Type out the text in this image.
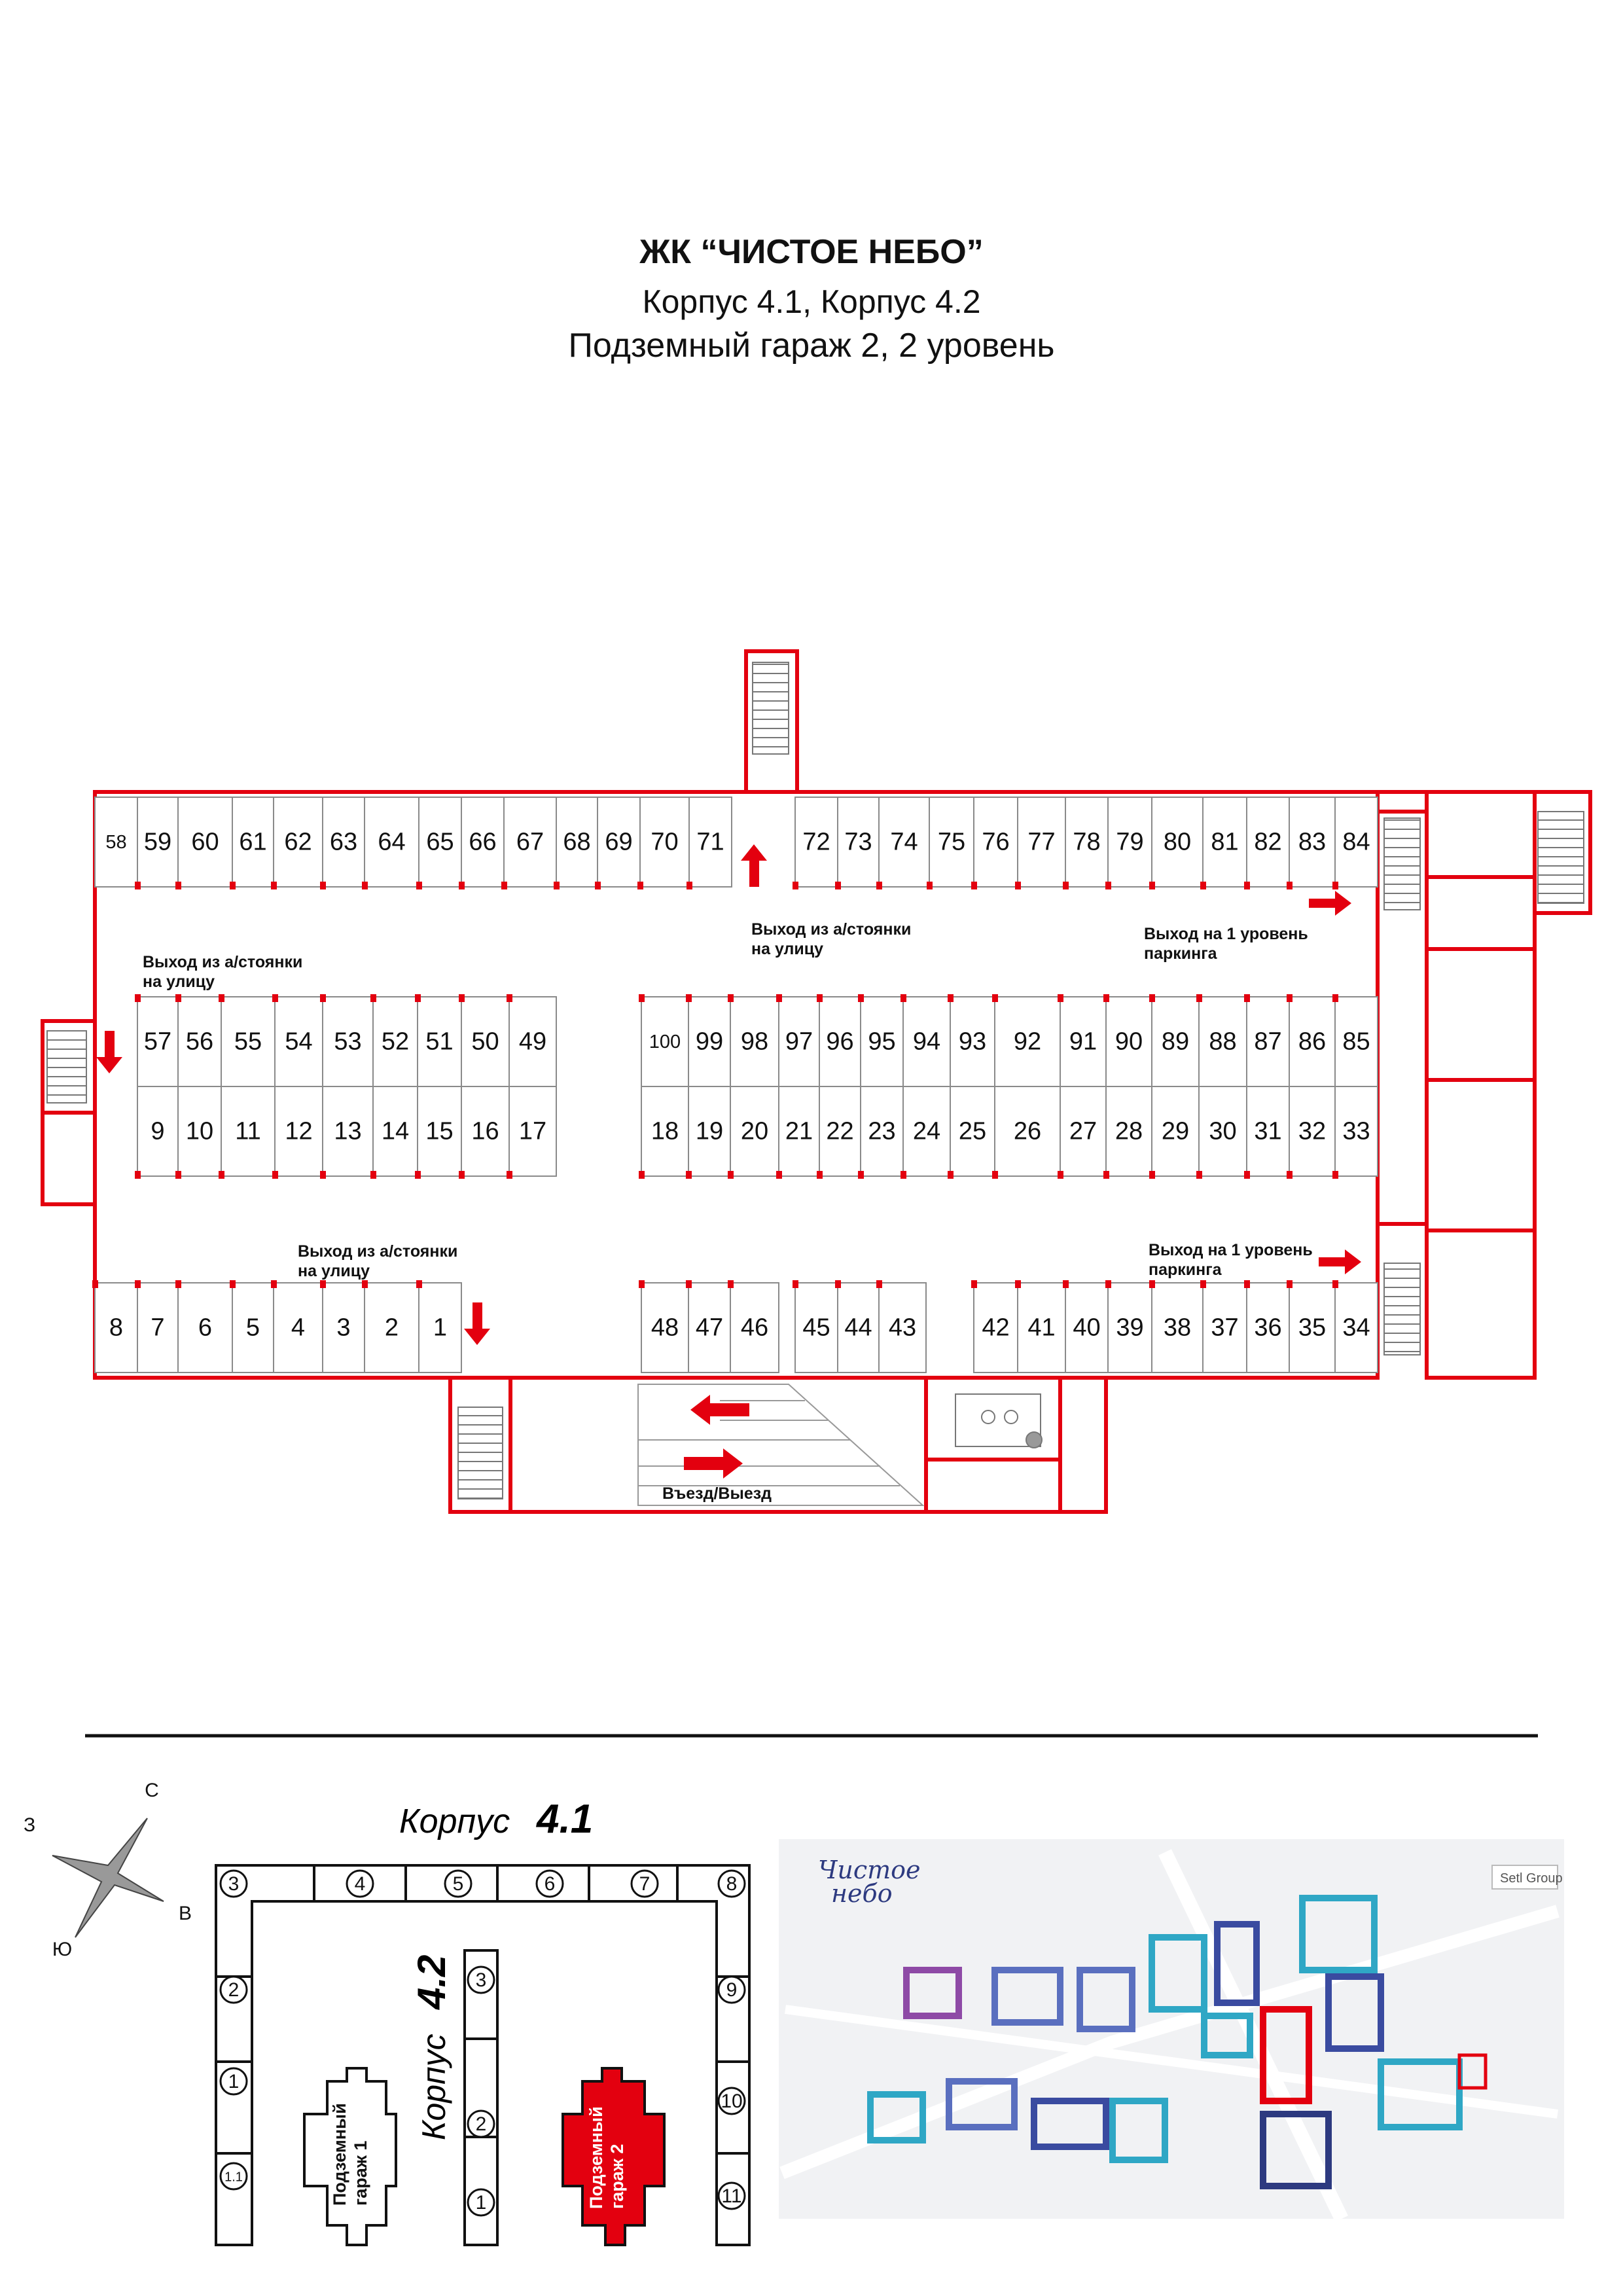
ЖК “ЧИСТОЕ НЕБО”
Корпус 4.1, Корпус 4.2
Подземный гараж 2, 2 уровень
58 59 60 61 62 63 64 65 66 67 68 69 70 71	72 73 74 75 76 77 78 79 80 81 82 83 84
57 56 55 54 53 52 51 50 49	100 99 98 97 96 95 94 93 92 91 90 89 88 87 86 85
9 10 11 12 13 14 15 16 17	18 19 20 21 22 23 24 25 26 27 28 29 30 31 32 33
8 7 6 5 4 3 2 1	48 47 46 45 44 43	42 41 40 39 38 37 36 35 34
Выход из а/стоянки
на улицу
Выход из а/стоянки
на улицу
Выход из а/стоянки
на улицу
Выход на 1 уровень
паркинга
Выход на 1 уровень
паркинга
Въезд/Выезд
С
З
В
Ю
Корпус 4.1
Корпус
4.2
1.1
1
2
3	4	5	6	7	8
9
10
11
3
2
1
Подземный гараж 1	Подземный гараж 2
Чистое
небо
Setl Group
